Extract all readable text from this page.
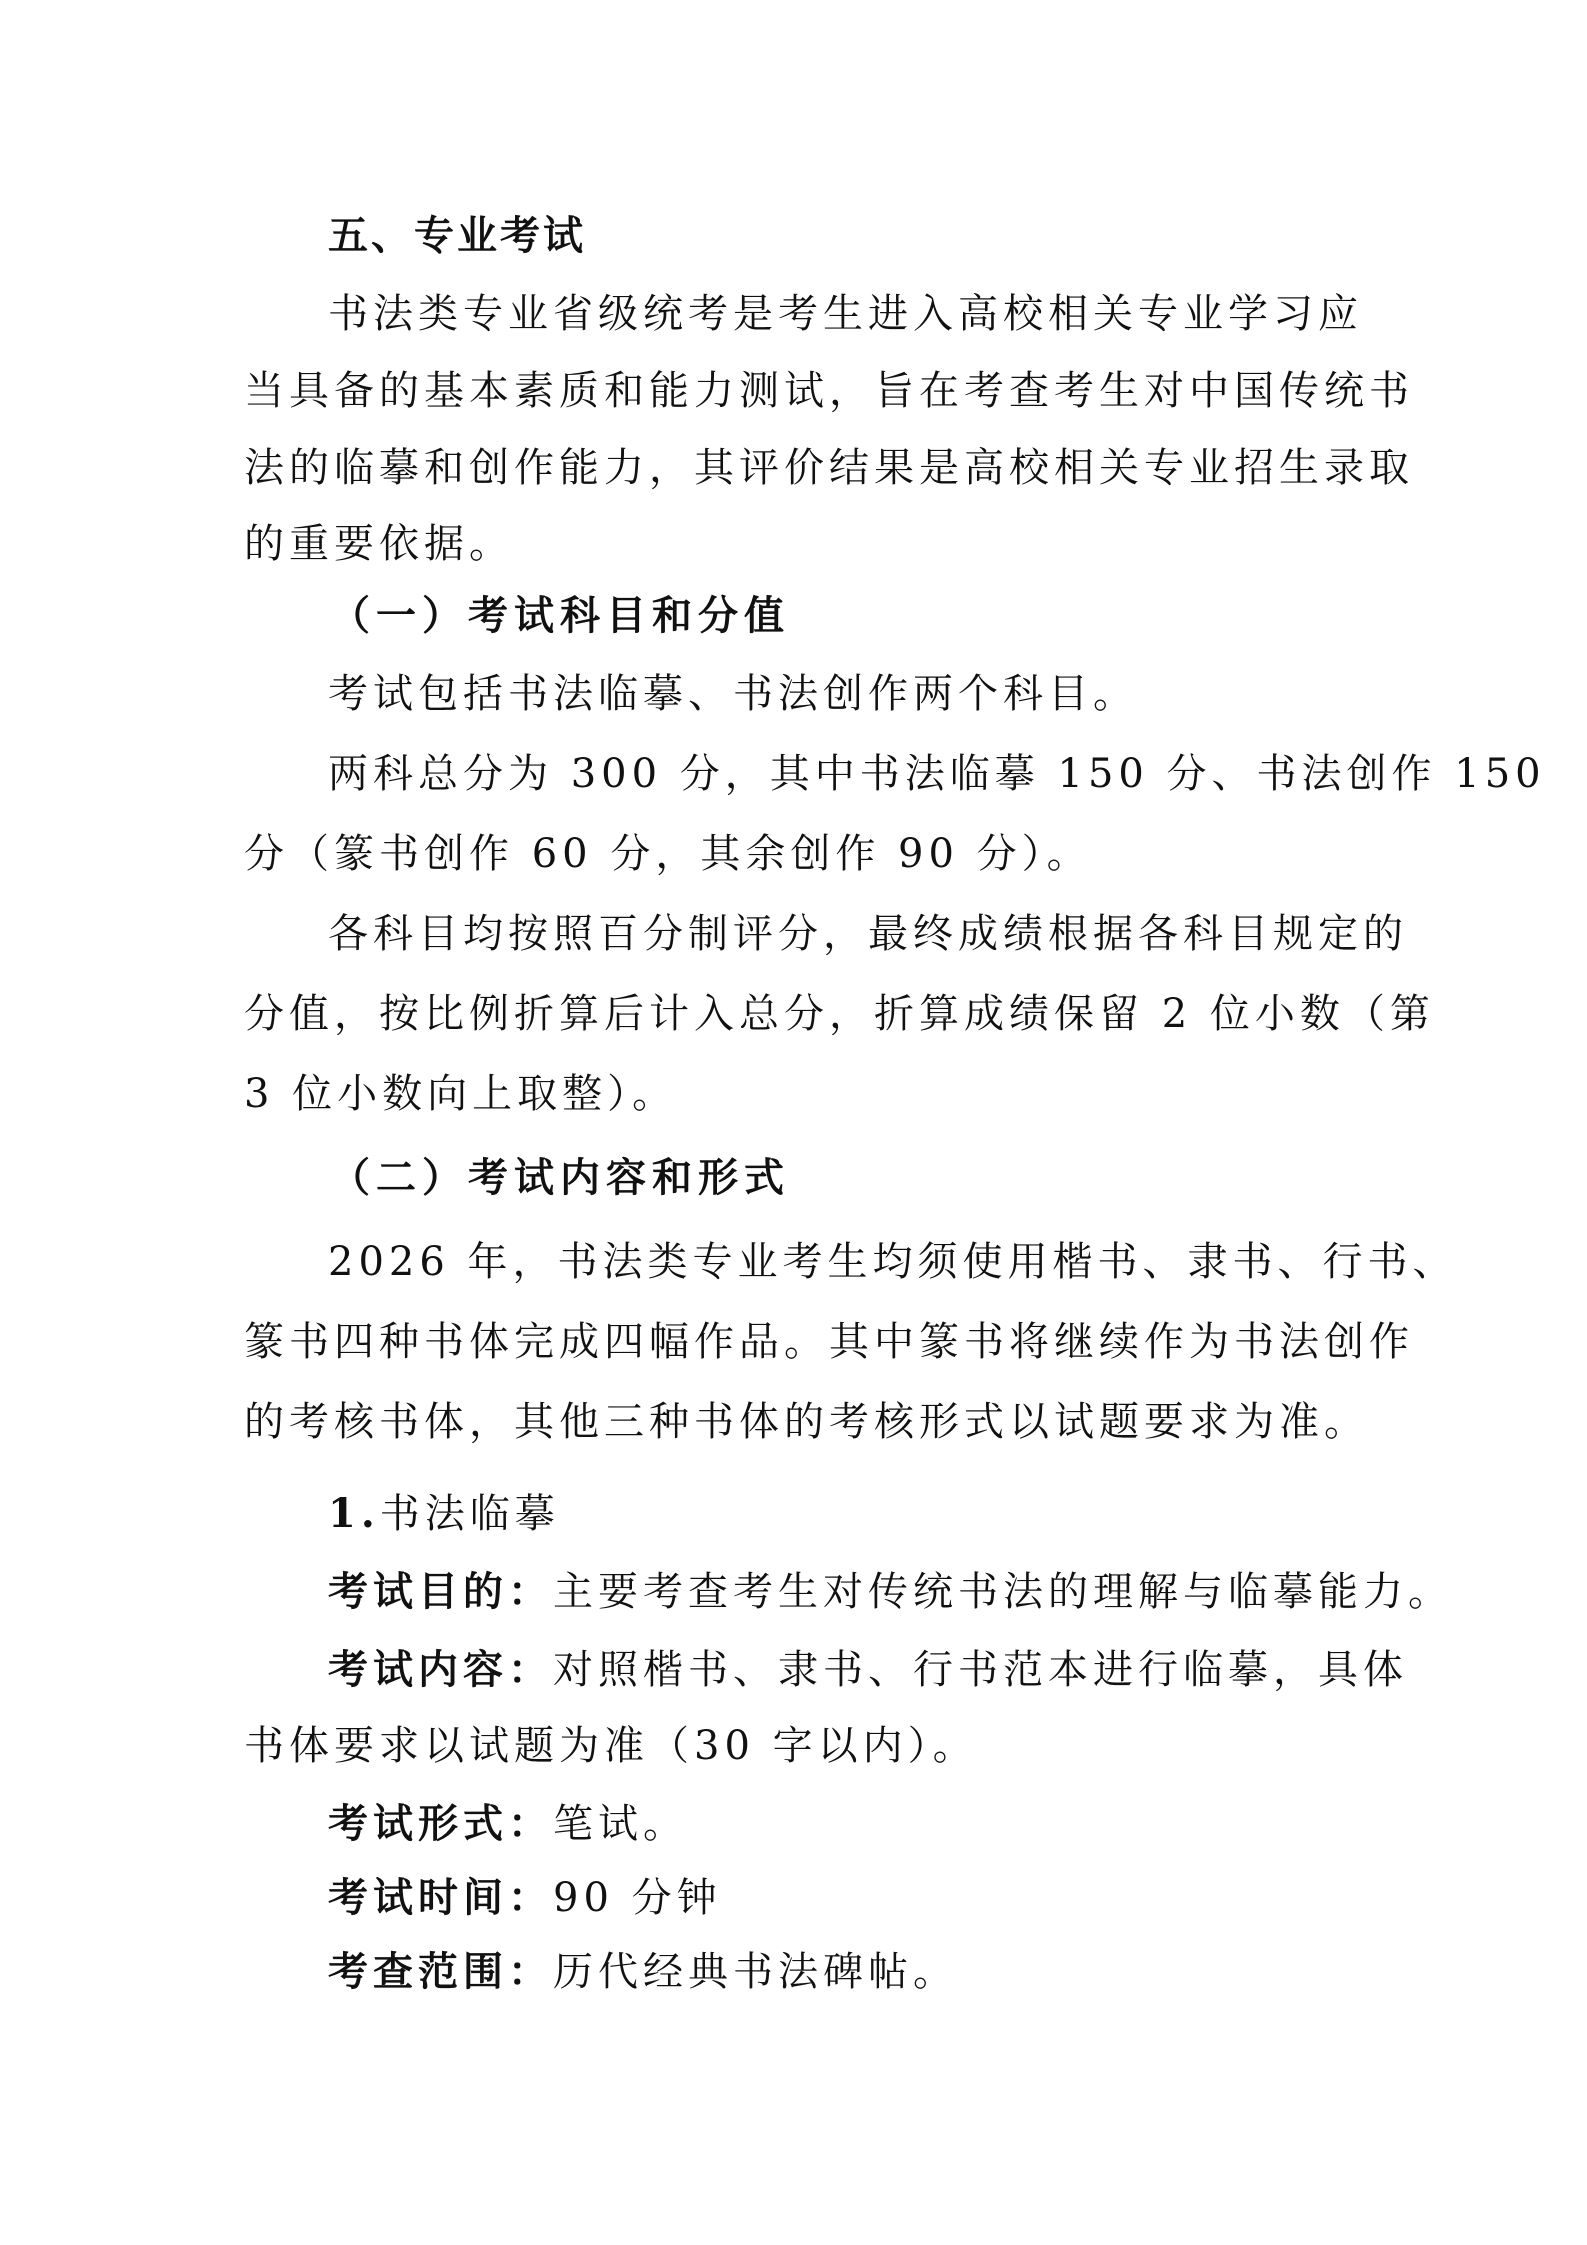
五、专业考试
书法类专业省级统考是考生进入高校相关专业学习应
当具备的基本素质和能力测试，旨在考查考生对中国传统书
法的临摹和创作能力，其评价结果是高校相关专业招生录取
的重要依据。
（一）考试科目和分值
考试包括书法临摹、书法创作两个科目。
两科总分为 300 分，其中书法临摹 150 分、书法创作 150
分（篆书创作 60 分，其余创作 90 分）。
各科目均按照百分制评分，最终成绩根据各科目规定的
分值，按比例折算后计入总分，折算成绩保留 2 位小数（第
3 位小数向上取整）。
（二）考试内容和形式
2026 年，书法类专业考生均须使用楷书、隶书、行书、
篆书四种书体完成四幅作品。其中篆书将继续作为书法创作
的考核书体，其他三种书体的考核形式以试题要求为准。
1.书法临摹
考试目的：主要考查考生对传统书法的理解与临摹能力。
考试内容：对照楷书、隶书、行书范本进行临摹，具体
书体要求以试题为准（30 字以内）。
考试形式：笔试。
考试时间：90 分钟
考查范围：历代经典书法碑帖。
